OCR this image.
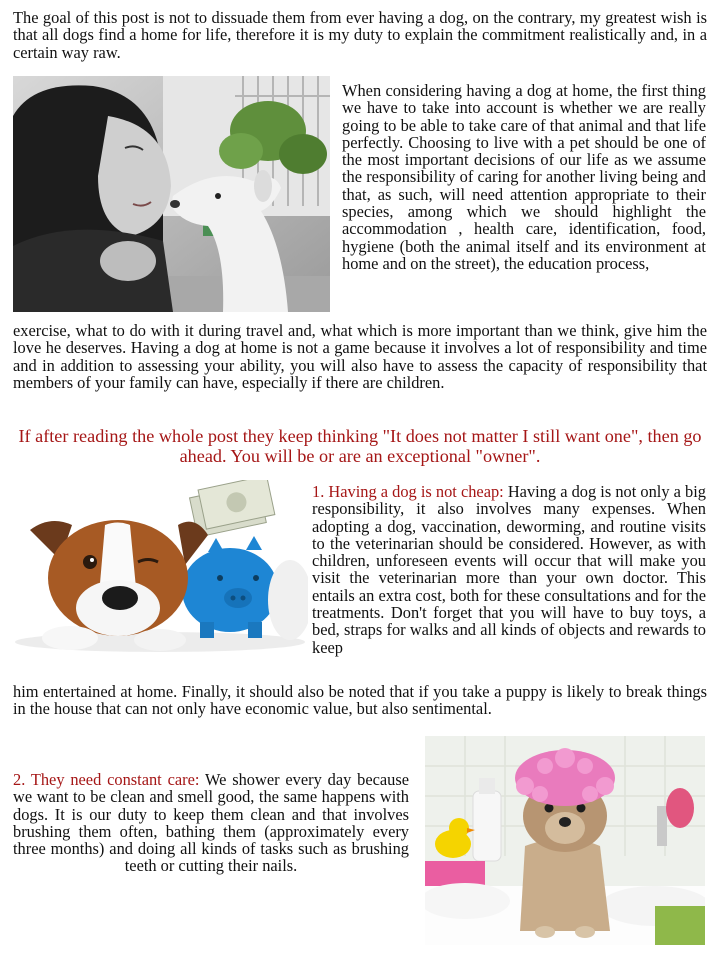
The goal of this post is not to dissuade them from ever having a dog, on the contrary, my greatest wish is that all dogs find a home for life, therefore it is my duty to explain the commitment realistically and, in a certain way raw.

When considering having a dog at home, the first thing we have to take into account is whether we are really going to be able to take care of that animal and that life perfectly. Choosing to live with a pet should be one of the most important decisions of our life as we assume the responsibility of caring for another living being and that, as such, will need attention appropriate to their species, among which we should highlight the accommodation , health care, identification, food, hygiene (both the animal itself and its environment at home and on the street), the education process,

exercise, what to do with it during travel and, what which is more important than we think, give him the love he deserves. Having a dog at home is not a game because it involves a lot of responsibility and time and in addition to assessing your ability, you will also have to assess the capacity of responsibility that members of your family can have, especially if there are children.

If after reading the whole post they keep thinking "It does not matter I still want one", then go ahead. You will be or are an exceptional "owner".

1. Having a dog is not cheap: Having a dog is not only a big responsibility, it also involves many expenses. When adopting a dog, vaccination, deworming, and routine visits to the veterinarian should be considered. However, as with children, unforeseen events will occur that will make you visit the veterinarian more than your own doctor. This entails an extra cost, both for these consultations and for the treatments. Don't forget that you will have to buy toys, a bed, straps for walks and all kinds of objects and rewards to keep

him entertained at home. Finally, it should also be noted that if you take a puppy is likely to break things in the house that can not only have economic value, but also sentimental.

2. They need constant care: We shower every day because we want to be clean and smell good, the same happens with dogs. It is our duty to keep them clean and that involves brushing them often, bathing them (approximately every three months) and doing all kinds of tasks such as brushing teeth or cutting their nails.
